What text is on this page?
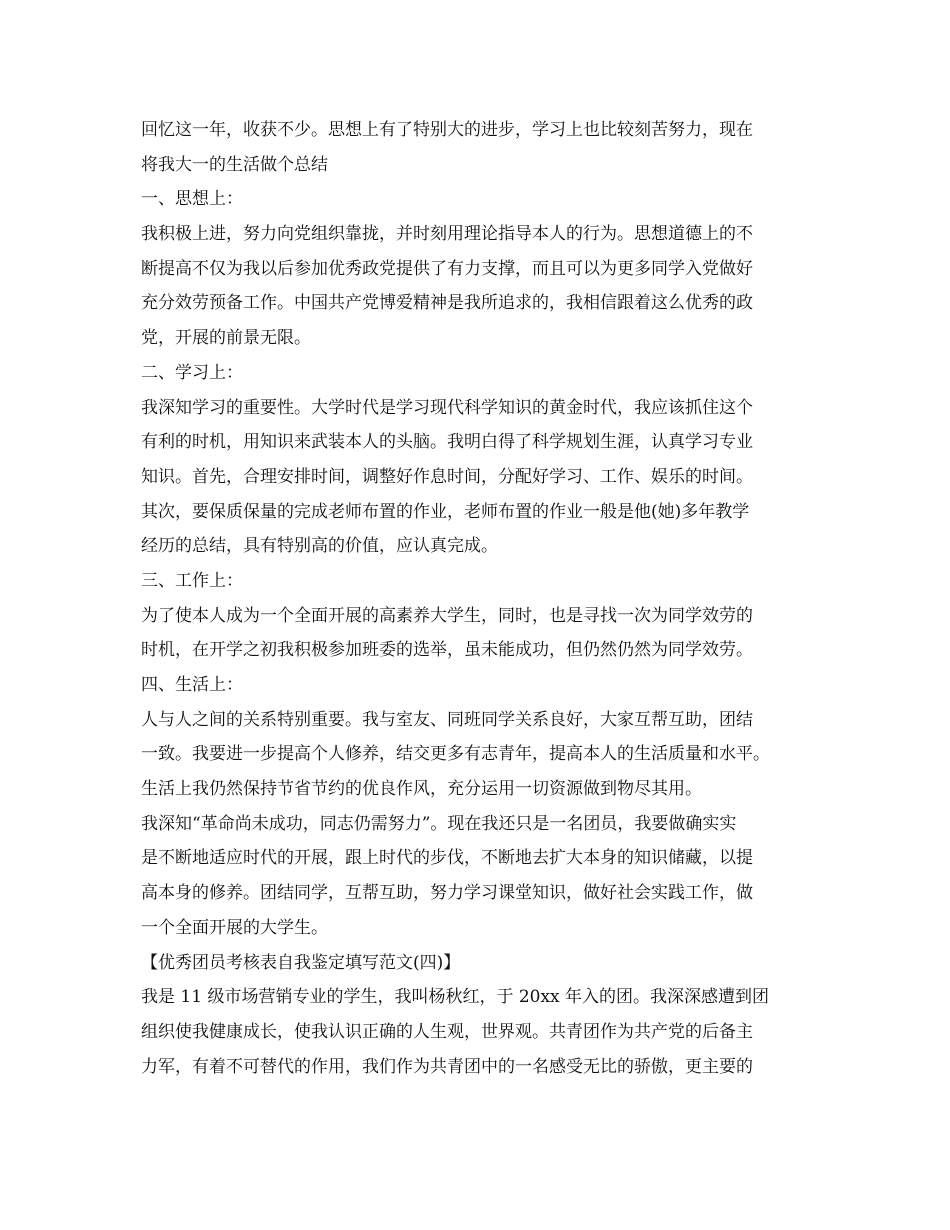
回忆这一年，收获不少。思想上有了特别大的进步，学习上也比较刻苦努力，现在
将我大一的生活做个总结
一、思想上：
我积极上进，努力向党组织靠拢，并时刻用理论指导本人的行为。思想道德上的不
断提高不仅为我以后参加优秀政党提供了有力支撑，而且可以为更多同学入党做好
充分效劳预备工作。中国共产党博爱精神是我所追求的，我相信跟着这么优秀的政
党，开展的前景无限。
二、学习上：
我深知学习的重要性。大学时代是学习现代科学知识的黄金时代，我应该抓住这个
有利的时机，用知识来武装本人的头脑。我明白得了科学规划生涯，认真学习专业
知识。首先，合理安排时间，调整好作息时间，分配好学习、工作、娱乐的时间。
其次，要保质保量的完成老师布置的作业，老师布置的作业一般是他(她)多年教学
经历的总结，具有特别高的价值，应认真完成。
三、工作上：
为了使本人成为一个全面开展的高素养大学生，同时，也是寻找一次为同学效劳的
时机，在开学之初我积极参加班委的选举，虽未能成功，但仍然仍然为同学效劳。
四、生活上：
人与人之间的关系特别重要。我与室友、同班同学关系良好，大家互帮互助，团结
一致。我要进一步提高个人修养，结交更多有志青年，提高本人的生活质量和水平。
生活上我仍然保持节省节约的优良作风，充分运用一切资源做到物尽其用。
我深知“革命尚未成功，同志仍需努力”。现在我还只是一名团员，我要做确实实
是不断地适应时代的开展，跟上时代的步伐，不断地去扩大本身的知识储藏，以提
高本身的修养。团结同学，互帮互助，努力学习课堂知识，做好社会实践工作，做
一个全面开展的大学生。
【优秀团员考核表自我鉴定填写范文(四)】
我是 11 级市场营销专业的学生，我叫杨秋红，于 20xx 年入的团。我深深感遭到团
组织使我健康成长，使我认识正确的人生观，世界观。共青团作为共产党的后备主
力军，有着不可替代的作用，我们作为共青团中的一名感受无比的骄傲，更主要的
